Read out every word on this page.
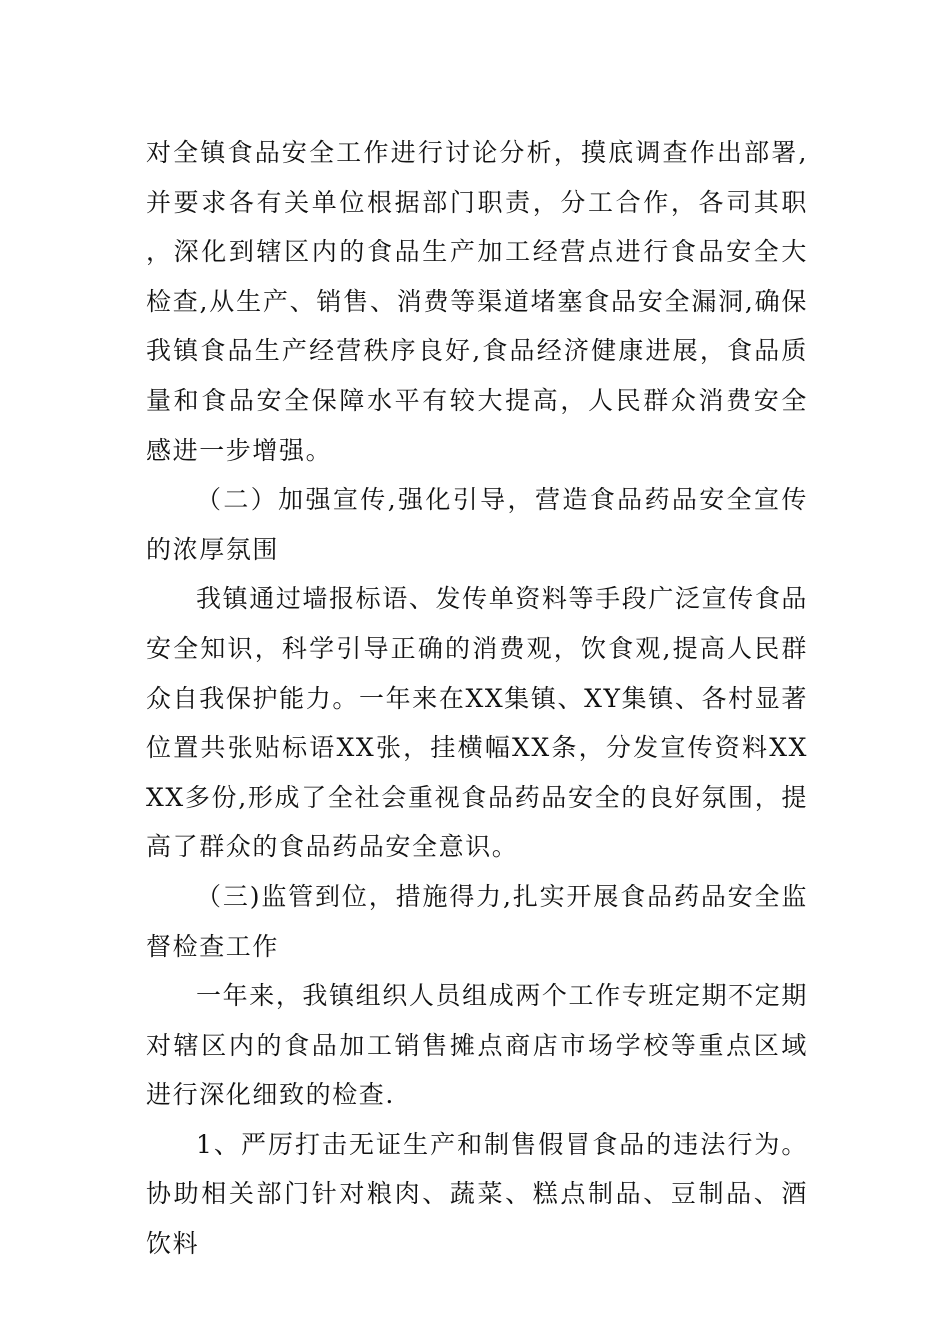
对全镇食品安全工作进行讨论分析，摸底调查作出部署,并要求各有关单位根据部门职责，分工合作，各司其职，深化到辖区内的食品生产加工经营点进行食品安全大检查,从生产、销售、消费等渠道堵塞食品安全漏洞,确保我镇食品生产经营秩序良好,食品经济健康进展，食品质量和食品安全保障水平有较大提高，人民群众消费安全感进一步增强。

（二）加强宣传,强化引导，营造食品药品安全宣传的浓厚氛围

我镇通过墙报标语、发传单资料等手段广泛宣传食品安全知识，科学引导正确的消费观，饮食观,提高人民群众自我保护能力。一年来在XX集镇、XY集镇、各村显著位置共张贴标语XX张，挂横幅XX条，分发宣传资料XXXX多份,形成了全社会重视食品药品安全的良好氛围，提高了群众的食品药品安全意识。

（三)监管到位，措施得力,扎实开展食品药品安全监督检查工作

一年来，我镇组织人员组成两个工作专班定期不定期对辖区内的食品加工销售摊点商店市场学校等重点区域进行深化细致的检查.

1、严厉打击无证生产和制售假冒食品的违法行为。协助相关部门针对粮肉、蔬菜、糕点制品、豆制品、酒饮料
